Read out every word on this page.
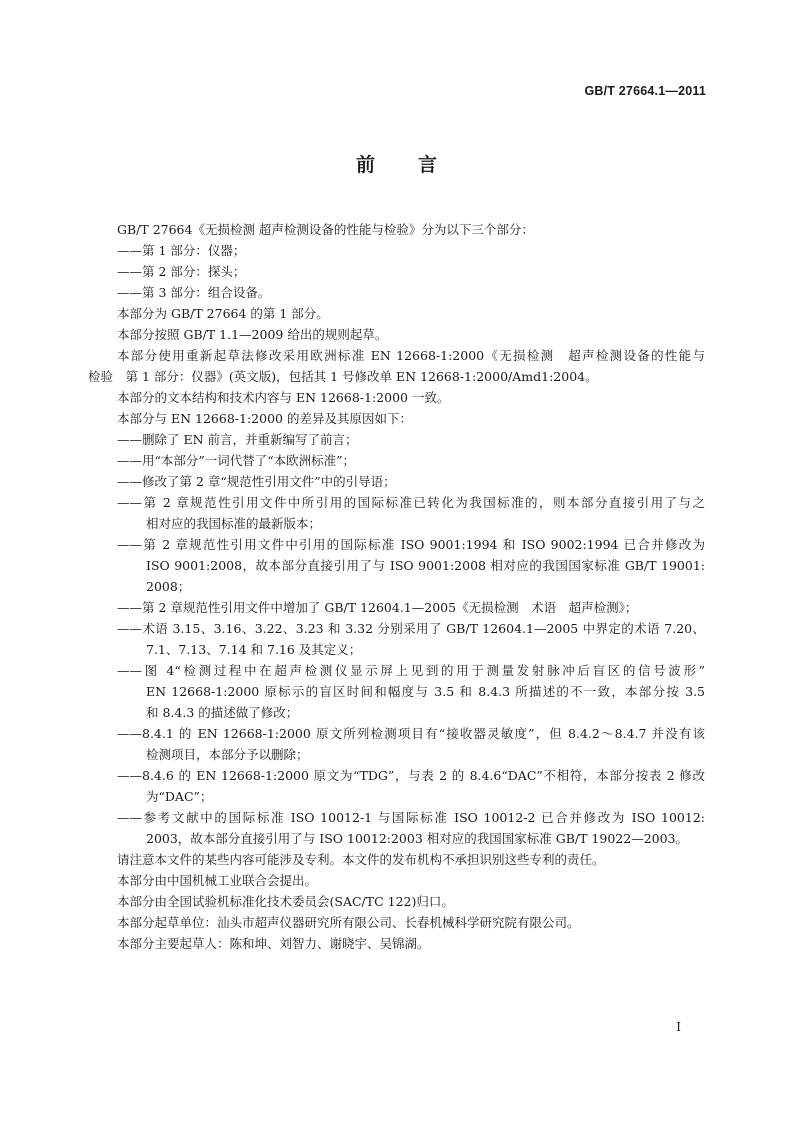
GB/T 27664.1—2011
前 言
GB/T 27664《无损检测 超声检测设备的性能与检验》分为以下三个部分：
——第 1 部分：仪器；
——第 2 部分：探头；
——第 3 部分：组合设备。
本部分为 GB/T 27664 的第 1 部分。
本部分按照 GB/T 1.1—2009 给出的规则起草。
本部分使用重新起草法修改采用欧洲标准 EN 12668-1:2000《无损检测　超声检测设备的性能与
检验　第 1 部分：仪器》(英文版)，包括其 1 号修改单 EN 12668-1:2000/Amd1:2004。
本部分的文本结构和技术内容与 EN 12668-1:2000 一致。
本部分与 EN 12668-1:2000 的差异及其原因如下：
——删除了 EN 前言，并重新编写了前言；
——用“本部分”一词代替了“本欧洲标准”；
——修改了第 2 章“规范性引用文件”中的引导语；
——第 2 章规范性引用文件中所引用的国际标准已转化为我国标准的，则本部分直接引用了与之
相对应的我国标准的最新版本；
——第 2 章规范性引用文件中引用的国际标准 ISO 9001:1994 和 ISO 9002:1994 已合并修改为
ISO 9001:2008，故本部分直接引用了与 ISO 9001:2008 相对应的我国国家标准 GB/T 19001:
2008；
——第 2 章规范性引用文件中增加了 GB/T 12604.1—2005《无损检测　术语　超声检测》；
——术语 3.15、3.16、3.22、3.23 和 3.32 分别采用了 GB/T 12604.1—2005 中界定的术语 7.20、
7.1、7.13、7.14 和 7.16 及其定义；
——图 4“检测过程中在超声检测仪显示屏上见到的用于测量发射脉冲后盲区的信号波形”
EN 12668-1:2000 原标示的盲区时间和幅度与 3.5 和 8.4.3 所描述的不一致，本部分按 3.5
和 8.4.3 的描述做了修改；
——8.4.1 的 EN 12668-1:2000 原文所列检测项目有“接收器灵敏度”，但 8.4.2～8.4.7 并没有该
检测项目，本部分予以删除；
——8.4.6 的 EN 12668-1:2000 原文为“TDG”，与表 2 的 8.4.6“DAC”不相符，本部分按表 2 修改
为“DAC”；
——参考文献中的国际标准 ISO 10012-1 与国际标准 ISO 10012-2 已合并修改为 ISO 10012:
2003，故本部分直接引用了与 ISO 10012:2003 相对应的我国国家标准 GB/T 19022—2003。
请注意本文件的某些内容可能涉及专利。本文件的发布机构不承担识别这些专利的责任。
本部分由中国机械工业联合会提出。
本部分由全国试验机标准化技术委员会(SAC/TC 122)归口。
本部分起草单位：汕头市超声仪器研究所有限公司、长春机械科学研究院有限公司。
本部分主要起草人：陈和坤、刘智力、谢晓宇、吴锦湖。
I
